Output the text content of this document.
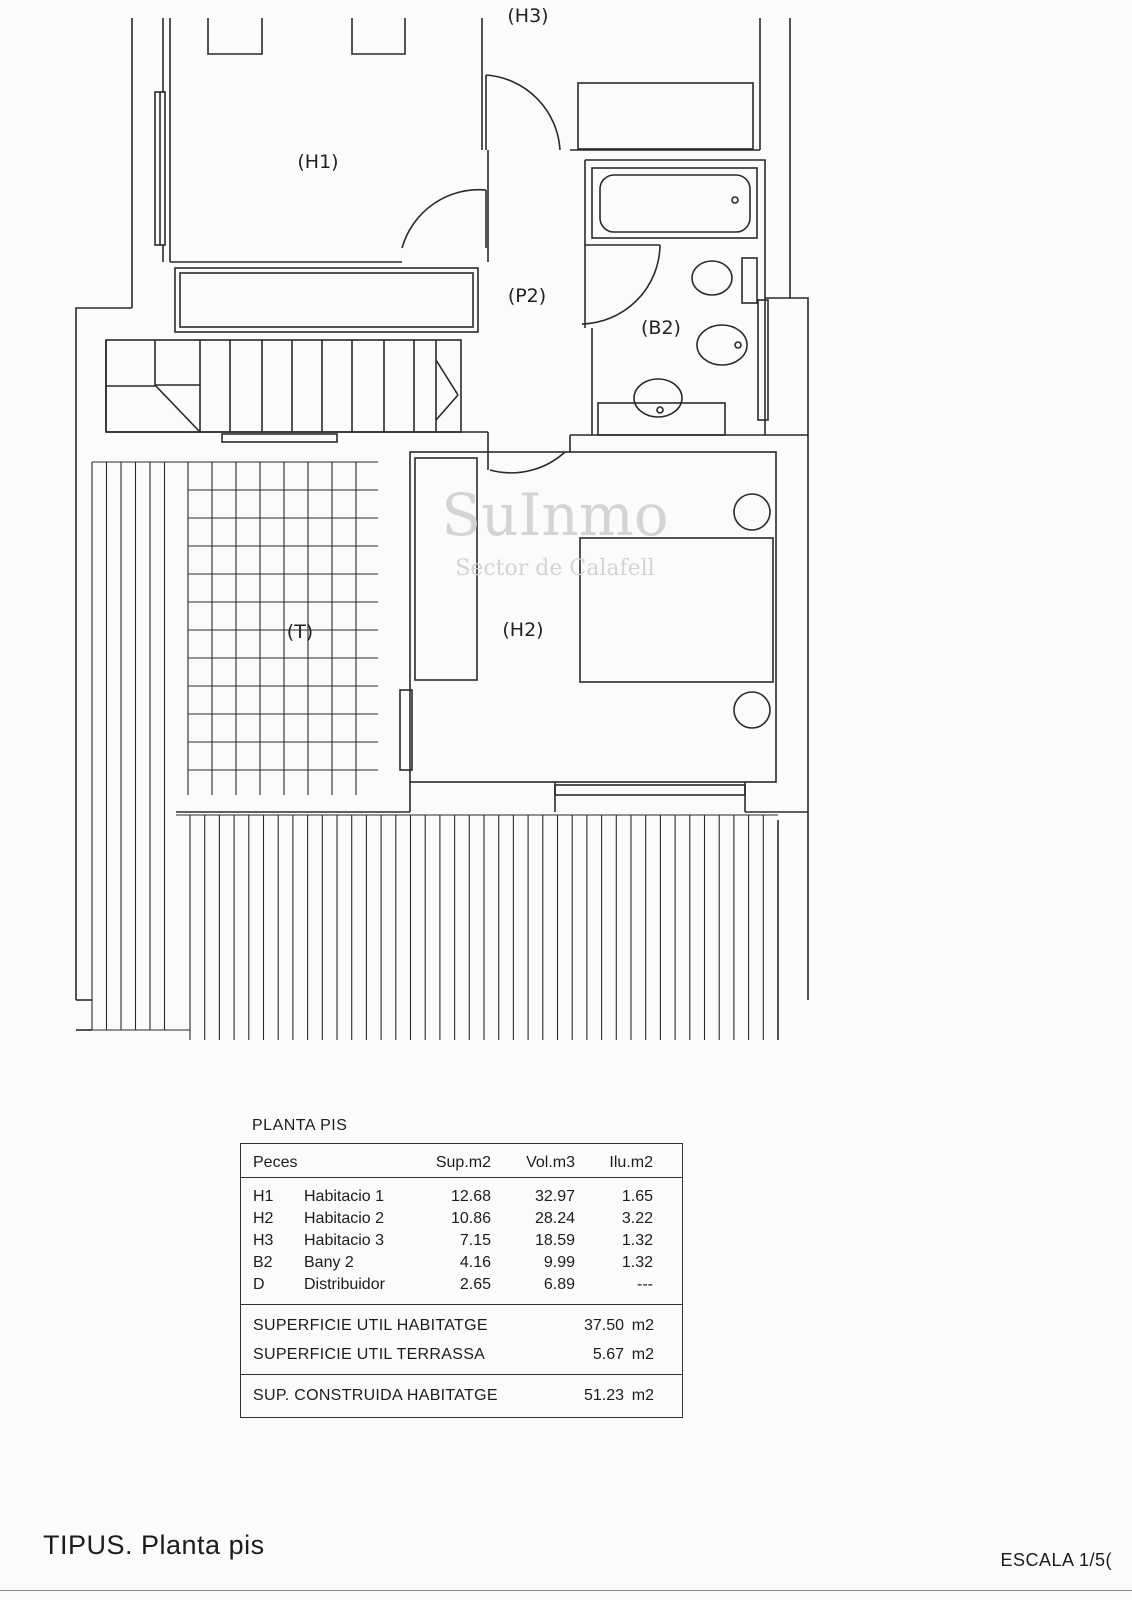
SuInmo
Sector de Calafell
(H1)
(P2)
(B2)
(T)	(H2)
(H3)
PLANTA PIS
Peces	Sup.m2 Vol.m3 Ilu.m2
H1 Habitacio 1	12.68	32.97	1.65
H2 Habitacio 2	10.86	28.24	3.22
H3 Habitacio 3	7.15	18.59	1.32
B2 Bany 2	4.16	9.99	1.32
D Distribuidor	2.65	6.89	---
SUPERFICIE UTIL HABITATGE	37.50 m2
SUPERFICIE UTIL TERRASSA	5.67 m2
SUP. CONSTRUIDA HABITATGE	51.23 m2
TIPUS. Planta pis	ESCALA 1/5(
